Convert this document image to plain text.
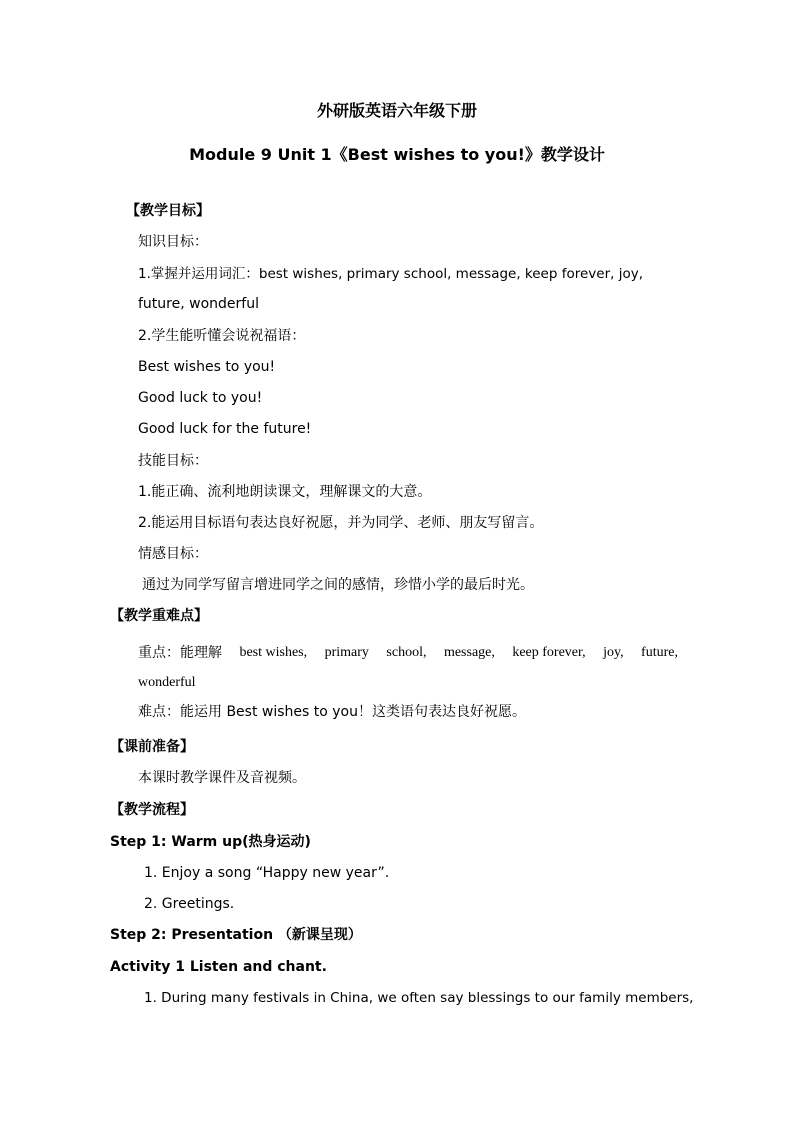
外研版英语六年级下册
Module 9 Unit 1《Best wishes to you!》教学设计
【教学目标】
知识目标：
1.掌握并运用词汇：best wishes, primary school, message, keep forever, joy,
future, wonderful
2.学生能听懂会说祝福语：
Best wishes to you!
Good luck to you!
Good luck for the future!
技能目标：
1.能正确、流利地朗读课文，理解课文的大意。
2.能运用目标语句表达良好祝愿，并为同学、老师、朋友写留言。
情感目标：
通过为同学写留言增进同学之间的感情，珍惜小学的最后时光。
【教学重难点】
重点：能理解 best wishes, primary school, message, keep forever, joy, future,
wonderful
难点：能运用 Best wishes to you！这类语句表达良好祝愿。
【课前准备】
本课时教学课件及音视频。
【教学流程】
Step 1: Warm up(热身运动)
1. Enjoy a song “Happy new year”.
2. Greetings.
Step 2: Presentation （新课呈现）
Activity 1 Listen and chant.
1. During many festivals in China, we often say blessings to our family members,
